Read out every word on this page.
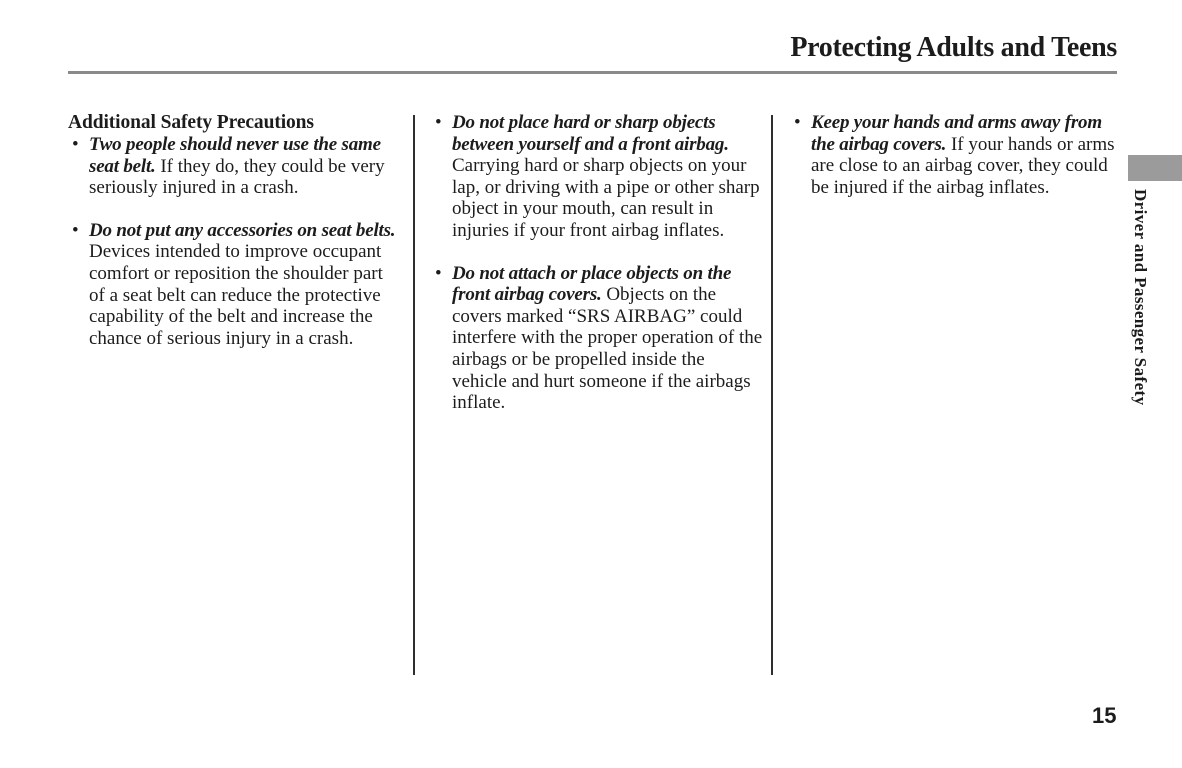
Protecting Adults and Teens
Additional Safety Precautions
• Two people should never use the same seat belt. If they do, they could be very seriously injured in a crash.
• Do not put any accessories on seat belts. Devices intended to improve occupant comfort or reposition the shoulder part of a seat belt can reduce the protective capability of the belt and increase the chance of serious injury in a crash.
• Do not place hard or sharp objects between yourself and a front airbag. Carrying hard or sharp objects on your lap, or driving with a pipe or other sharp object in your mouth, can result in injuries if your front airbag inflates.
• Do not attach or place objects on the front airbag covers. Objects on the covers marked “SRS AIRBAG” could interfere with the proper operation of the airbags or be propelled inside the vehicle and hurt someone if the airbags inflate.
• Keep your hands and arms away from the airbag covers. If your hands or arms are close to an airbag cover, they could be injured if the airbag inflates.
Driver and Passenger Safety
15
